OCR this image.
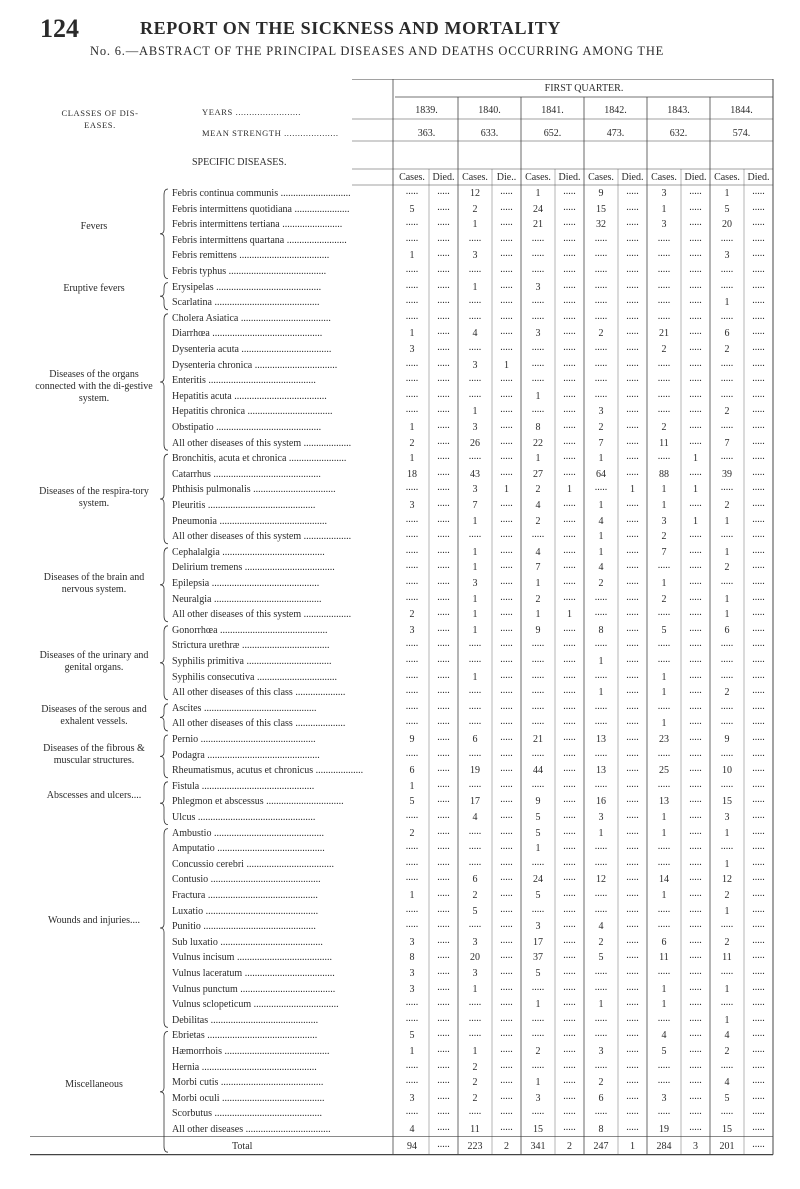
124	REPORT ON THE SICKNESS AND MORTALITY
No. 6.—ABSTRACT OF THE PRINCIPAL DISEASES AND DEATHS OCCURRING AMONG THE
FIRST QUARTER.
CLASSES OF DIS-
EASES.
YEARS ........................
MEAN STRENGTH ....................
SPECIFIC DISEASES.
1839.
363.
Cases. Died.
1840.
633.
Cases. Die..
1841.
652.
Cases. Died.
1842.
473.
Cases. Died.
1843.
632.
Cases. Died.
1844.
574.
Cases. Died.
Fevers
Eruptive fevers
Diseases of the organs connected with the di-gestive system.
Diseases of the respira-tory system.
Diseases of the brain and nervous system.
Diseases of the urinary and genital organs.
Diseases of the serous and exhalent vessels.
Diseases of the fibrous & muscular structures.
Abscesses and ulcers....
Wounds and injuries....
Miscellaneous
Febris continua communis ............................	.....	.....	12	.....	1	.....	9	.....	3	.....	1	.....
Febris intermittens quotidiana ......................	5	.....	2	.....	24	.....	15	.....	1	.....	5	.....
Febris intermittens tertiana ........................	.....	.....	1	.....	21	.....	32	.....	3	.....	20	.....
Febris intermittens quartana ........................	.....	.....	.....	.....	.....	.....	.....	.....	.....	.....	.....	.....
Febris remittens ....................................	1	.....	3	.....	.....	.....	.....	.....	.....	.....	3	.....
Febris typhus .......................................	.....	.....	.....	.....	.....	.....	.....	.....	.....	.....	.....	.....
Erysipelas ..........................................	.....	.....	1	.....	3	.....	.....	.....	.....	.....	.....	.....
Scarlatina ..........................................	.....	.....	.....	.....	.....	.....	.....	.....	.....	.....	1	.....
Cholera Asiatica ....................................	.....	.....	.....	.....	.....	.....	.....	.....	.....	.....	.....	.....
Diarrhœa ............................................	1	.....	4	.....	3	.....	2	.....	21	.....	6	.....
Dysenteria acuta ....................................	3	.....	.....	.....	.....	.....	.....	.....	2	.....	2	.....
Dysenteria chronica .................................	.....	.....	3	1	.....	.....	.....	.....	.....	.....	.....	.....
Enteritis ...........................................	.....	.....	.....	.....	.....	.....	.....	.....	.....	.....	.....	.....
Hepatitis acuta .....................................	.....	.....	.....	.....	1	.....	.....	.....	.....	.....	.....	.....
Hepatitis chronica ..................................	.....	.....	1	.....	.....	.....	3	.....	.....	.....	2	.....
Obstipatio ..........................................	1	.....	3	.....	8	.....	2	.....	2	.....	.....	.....
All other diseases of this system ...................	2	.....	26	.....	22	.....	7	.....	11	.....	7	.....
Bronchitis, acuta et chronica .......................	1	.....	.....	.....	1	.....	1	.....	.....	1	.....	.....
Catarrhus ...........................................	18	.....	43	.....	27	.....	64	.....	88	.....	39	.....
Phthisis pulmonalis .................................	.....	.....	3	1	2	1	.....	1	1	1	.....	.....
Pleuritis ...........................................	3	.....	7	.....	4	.....	1	.....	1	.....	2	.....
Pneumonia ...........................................	.....	.....	1	.....	2	.....	4	.....	3	1	1	.....
All other diseases of this system ...................	.....	.....	.....	.....	.....	.....	1	.....	2	.....	.....	.....
Cephalalgia .........................................	.....	.....	1	.....	4	.....	1	.....	7	.....	1	.....
Delirium tremens ....................................	.....	.....	1	.....	7	.....	4	.....	.....	.....	2	.....
Epilepsia ...........................................	.....	.....	3	.....	1	.....	2	.....	1	.....	.....	.....
Neuralgia ...........................................	.....	.....	1	.....	2	.....	.....	.....	2	.....	1	.....
All other diseases of this system ...................	2	.....	1	.....	1	1	.....	.....	.....	.....	1	.....
Gonorrhœa ...........................................	3	.....	1	.....	9	.....	8	.....	5	.....	6	.....
Strictura urethræ ...................................	.....	.....	.....	.....	.....	.....	.....	.....	.....	.....	.....	.....
Syphilis primitiva ..................................	.....	.....	.....	.....	.....	.....	1	.....	.....	.....	.....	.....
Syphilis consecutiva ................................	.....	.....	1	.....	.....	.....	.....	.....	1	.....	.....	.....
All other diseases of this class ....................	.....	.....	.....	.....	.....	.....	1	.....	1	.....	2	.....
Ascites .............................................	.....	.....	.....	.....	.....	.....	.....	.....	.....	.....	.....	.....
All other diseases of this class ....................	.....	.....	.....	.....	.....	.....	.....	.....	1	.....	.....	.....
Pernio ..............................................	9	.....	6	.....	21	.....	13	.....	23	.....	9	.....
Podagra .............................................	.....	.....	.....	.....	.....	.....	.....	.....	.....	.....	.....	.....
Rheumatismus, acutus et chronicus ...................	6	.....	19	.....	44	.....	13	.....	25	.....	10	.....
Fistula .............................................	1	.....	.....	.....	.....	.....	.....	.....	.....	.....	.....	.....
Phlegmon et abscessus ...............................	5	.....	17	.....	9	.....	16	.....	13	.....	15	.....
Ulcus ...............................................	.....	.....	4	.....	5	.....	3	.....	1	.....	3	.....
Ambustio ............................................	2	.....	.....	.....	5	.....	1	.....	1	.....	1	.....
Amputatio ...........................................	.....	.....	.....	.....	1	.....	.....	.....	.....	.....	.....	.....
Concussio cerebri ...................................	.....	.....	.....	.....	.....	.....	.....	.....	.....	.....	1	.....
Contusio ............................................	.....	.....	6	.....	24	.....	12	.....	14	.....	12	.....
Fractura ............................................	1	.....	2	.....	5	.....	.....	.....	1	.....	2	.....
Luxatio .............................................	.....	.....	5	.....	.....	.....	.....	.....	.....	.....	1	.....
Punitio .............................................	.....	.....	.....	.....	3	.....	4	.....	.....	.....	.....	.....
Sub luxatio .........................................	3	.....	3	.....	17	.....	2	.....	6	.....	2	.....
Vulnus incisum ......................................	8	.....	20	.....	37	.....	5	.....	11	.....	11	.....
Vulnus laceratum ....................................	3	.....	3	.....	5	.....	.....	.....	.....	.....	.....	.....
Vulnus punctum ......................................	3	.....	1	.....	.....	.....	.....	.....	1	.....	1	.....
Vulnus sclopeticum ..................................	.....	.....	.....	.....	1	.....	1	.....	1	.....	.....	.....
Debilitas ...........................................	.....	.....	.....	.....	.....	.....	.....	.....	.....	.....	1	.....
Ebrietas ............................................	5	.....	.....	.....	.....	.....	.....	.....	4	.....	4	.....
Hæmorrhois ..........................................	1	.....	1	.....	2	.....	3	.....	5	.....	2	.....
Hernia ..............................................	.....	.....	2	.....	.....	.....	.....	.....	.....	.....	.....	.....
Morbi cutis .........................................	.....	.....	2	.....	1	.....	2	.....	.....	.....	4	.....
Morbi oculi .........................................	3	.....	2	.....	3	.....	6	.....	3	.....	5	.....
Scorbutus ...........................................	.....	.....	.....	.....	.....	.....	.....	.....	.....	.....	.....	.....
All other diseases ..................................	4	.....	11	.....	15	.....	8	.....	19	.....	15	.....
Total	94	.....	223	2	341	2	247	1	284	3	201	.....
